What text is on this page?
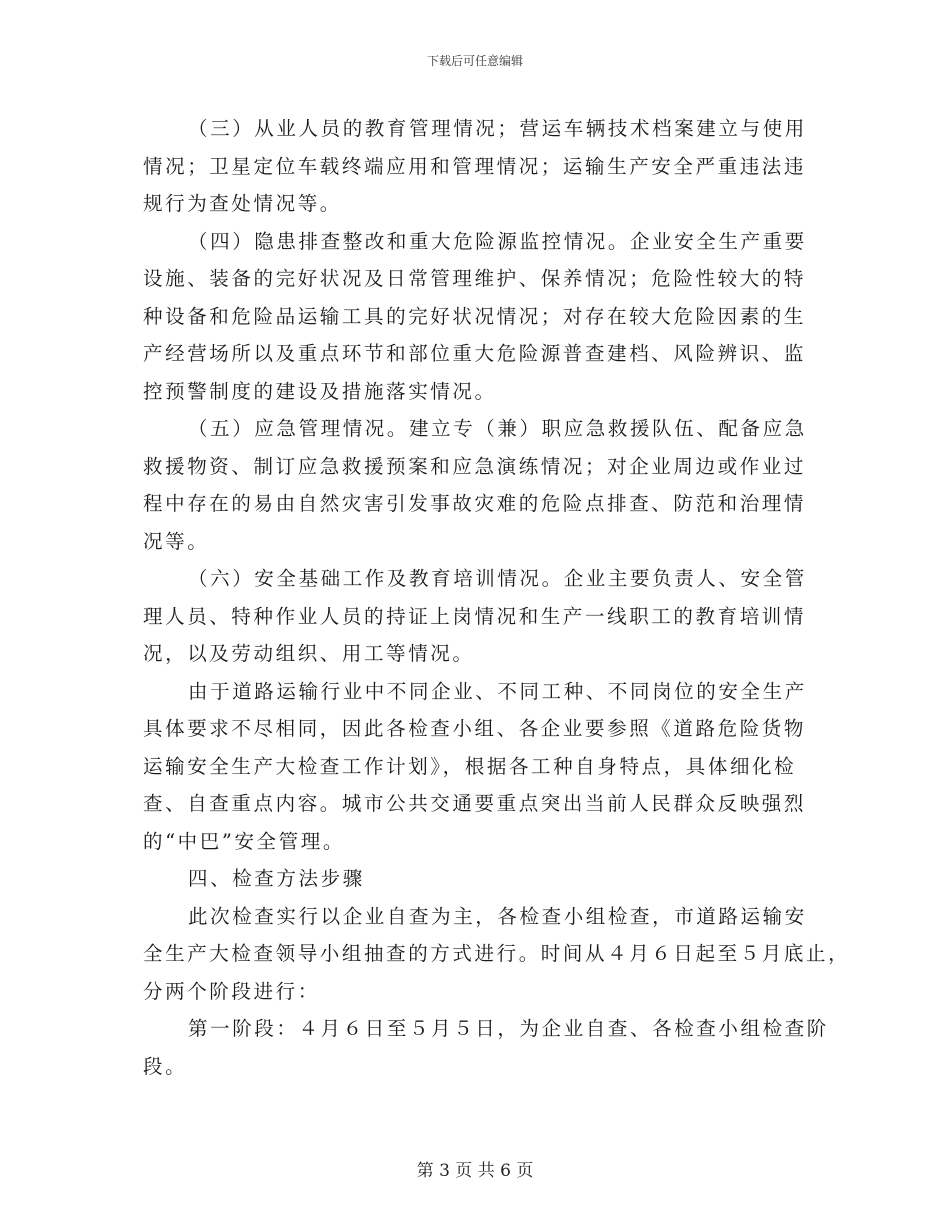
下载后可任意编辑

（三）从业人员的教育管理情况；营运车辆技术档案建立与使用
情况；卫星定位车载终端应用和管理情况；运输生产安全严重违法违
规行为查处情况等。

（四）隐患排查整改和重大危险源监控情况。企业安全生产重要
设施、装备的完好状况及日常管理维护、保养情况；危险性较大的特
种设备和危险品运输工具的完好状况情况；对存在较大危险因素的生
产经营场所以及重点环节和部位重大危险源普查建档、风险辨识、监
控预警制度的建设及措施落实情况。

（五）应急管理情况。建立专（兼）职应急救援队伍、配备应急
救援物资、制订应急救援预案和应急演练情况；对企业周边或作业过
程中存在的易由自然灾害引发事故灾难的危险点排查、防范和治理情
况等。

（六）安全基础工作及教育培训情况。企业主要负责人、安全管
理人员、特种作业人员的持证上岗情况和生产一线职工的教育培训情
况，以及劳动组织、用工等情况。

由于道路运输行业中不同企业、不同工种、不同岗位的安全生产
具体要求不尽相同，因此各检查小组、各企业要参照《道路危险货物
运输安全生产大检查工作计划》，根据各工种自身特点，具体细化检
查、自查重点内容。城市公共交通要重点突出当前人民群众反映强烈
的“中巴”安全管理。

四、检查方法步骤

此次检查实行以企业自查为主，各检查小组检查，市道路运输安
全生产大检查领导小组抽查的方式进行。时间从４月６日起至５月底止，
分两个阶段进行：

第一阶段：４月６日至５月５日，为企业自查、各检查小组检查阶
段。

第 3 页 共 6 页
